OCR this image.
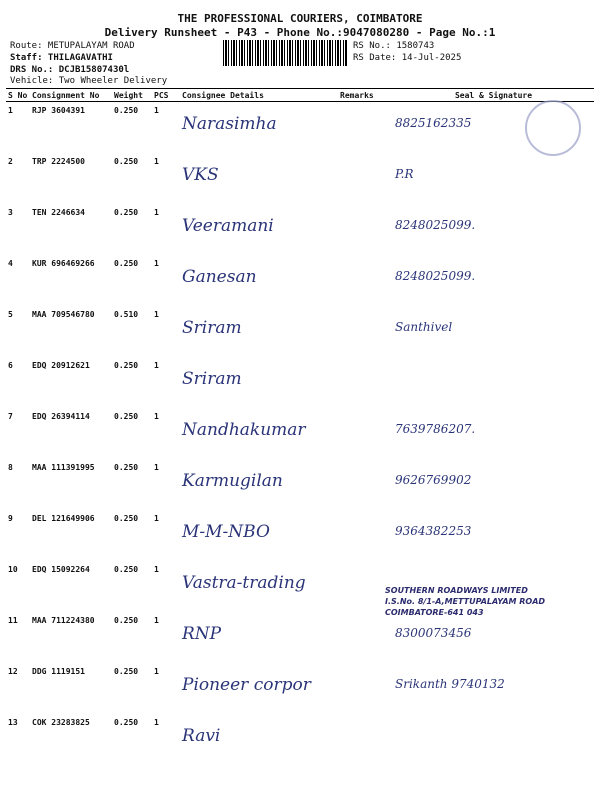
THE PROFESSIONAL COURIERS, COIMBATORE
Delivery Runsheet - P43 - Phone No.:9047080280 - Page No.:1
Route: METUPALAYAM ROAD
Staff: THILAGAVATHI
DRS No.: DCJB15807430l
Vehicle: Two Wheeler Delivery
RS No.: 1580743
RS Date: 14-Jul-2025
S No	Consignment No	Weight	PCS	Consignee Details	Remarks	Seal & Signature
1	RJP 3604391	0.250	1	Narasimha		8825162335
2	TRP 2224500	0.250	1	VKS		P.R
3	TEN 2246634	0.250	1	Veeramani		8248025099.
4	KUR 696469266	0.250	1	Ganesan		8248025099.
5	MAA 709546780	0.510	1	Sriram		Santhivel
6	EDQ 20912621	0.250	1	Sriram		
7	EDQ 26394114	0.250	1	Nandhakumar		7639786207.
8	MAA 111391995	0.250	1	Karmugilan		9626769902
9	DEL 121649906	0.250	1	M-M-NBO		9364382253
10	EDQ 15092264	0.250	1	Vastra-trading		
11	MAA 711224380	0.250	1	RNP		8300073456
12	DDG 1119151	0.250	1	Pioneer corpor		Srikanth 9740132
13	COK 23283825	0.250	1	Ravi		
SOUTHERN ROADWAYS LIMITED
I.S.No. 8/1-A,METTUPALAYAM ROAD
COIMBATORE-641 043
